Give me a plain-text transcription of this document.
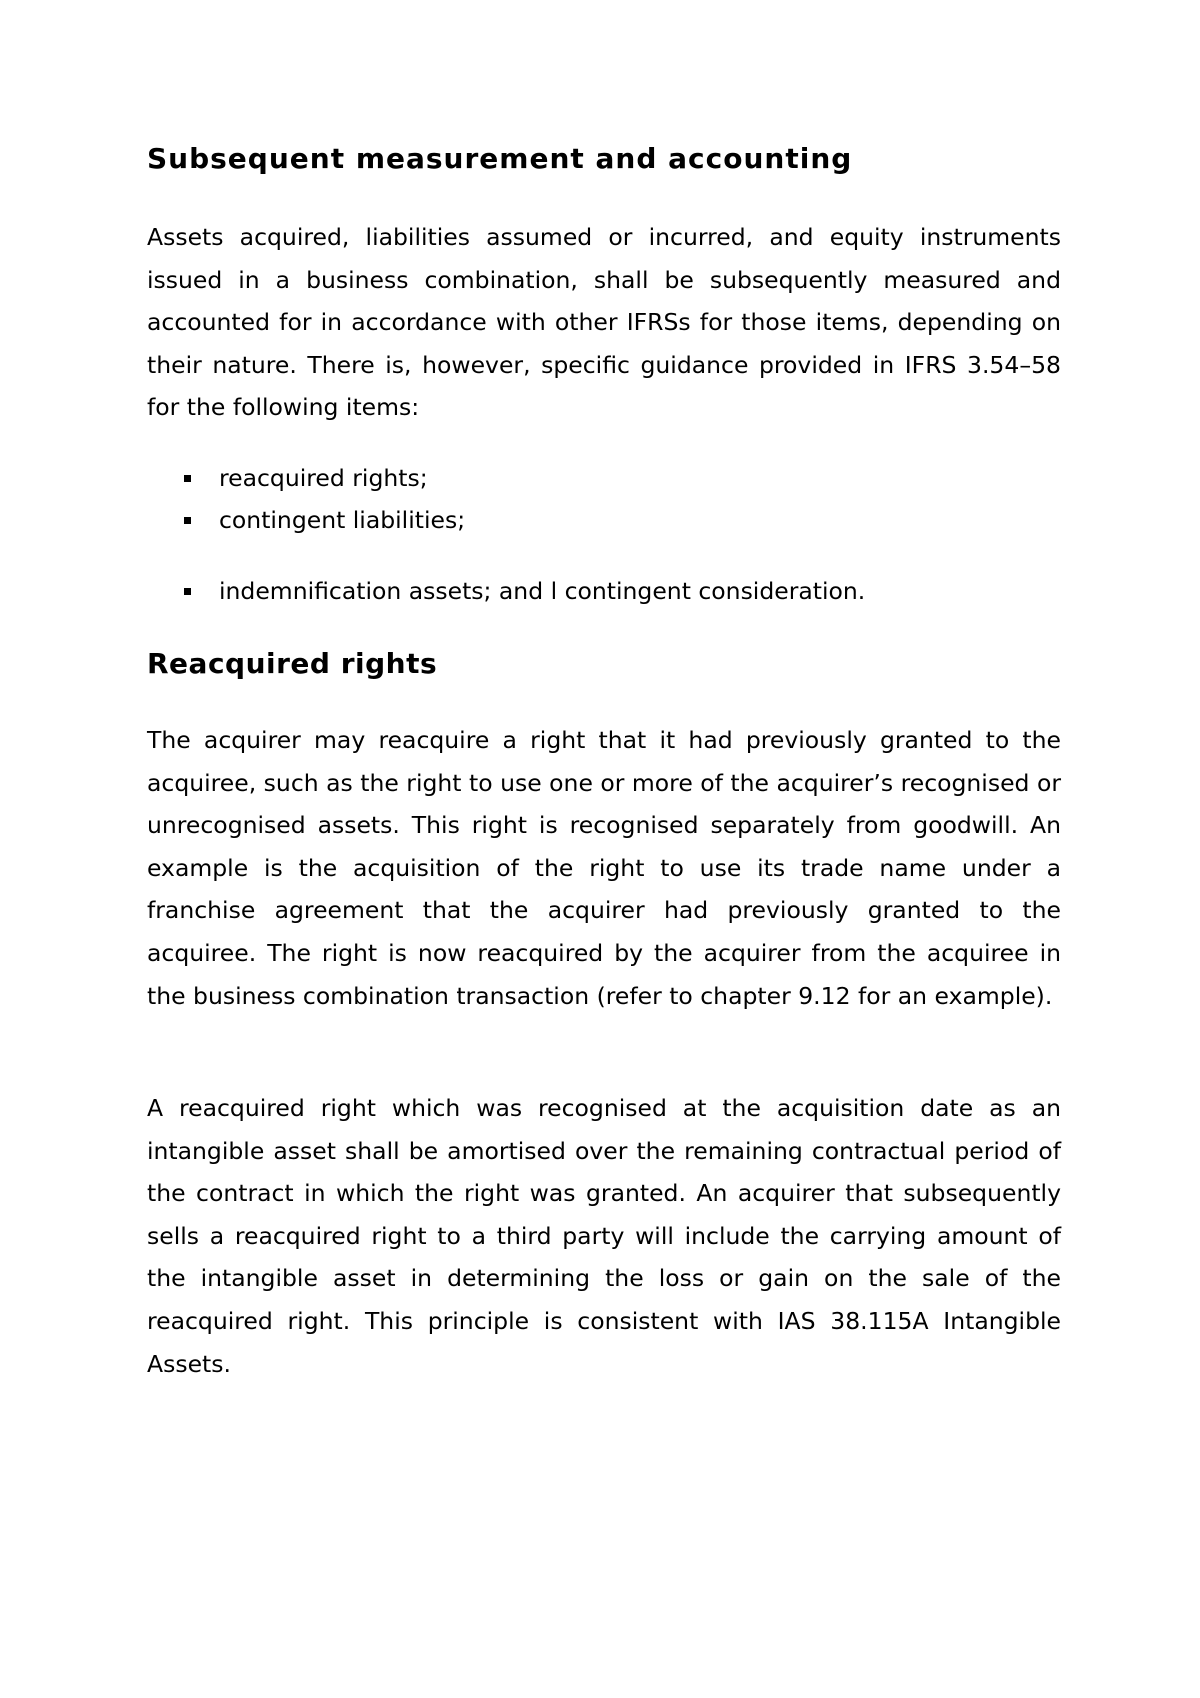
Subsequent measurement and accounting

Assets acquired, liabilities assumed or incurred, and equity instruments issued in a business combination, shall be subsequently measured and accounted for in accordance with other IFRSs for those items, depending on their nature. There is, however, specific guidance provided in IFRS 3.54–58 for the following items:

reacquired rights;
contingent liabilities;
indemnification assets; and l contingent consideration.
Reacquired rights

The acquirer may reacquire a right that it had previously granted to the acquiree, such as the right to use one or more of the acquirer’s recognised or unrecognised assets. This right is recognised separately from goodwill. An example is the acquisition of the right to use its trade name under a franchise agreement that the acquirer had previously granted to the acquiree. The right is now reacquired by the acquirer from the acquiree in the business combination transaction (refer to chapter 9.12 for an example).

A reacquired right which was recognised at the acquisition date as an intangible asset shall be amortised over the remaining contractual period of the contract in which the right was granted. An acquirer that subsequently sells a reacquired right to a third party will include the carrying amount of the intangible asset in determining the loss or gain on the sale of the reacquired right. This principle is consistent with IAS 38.115A Intangible Assets.
